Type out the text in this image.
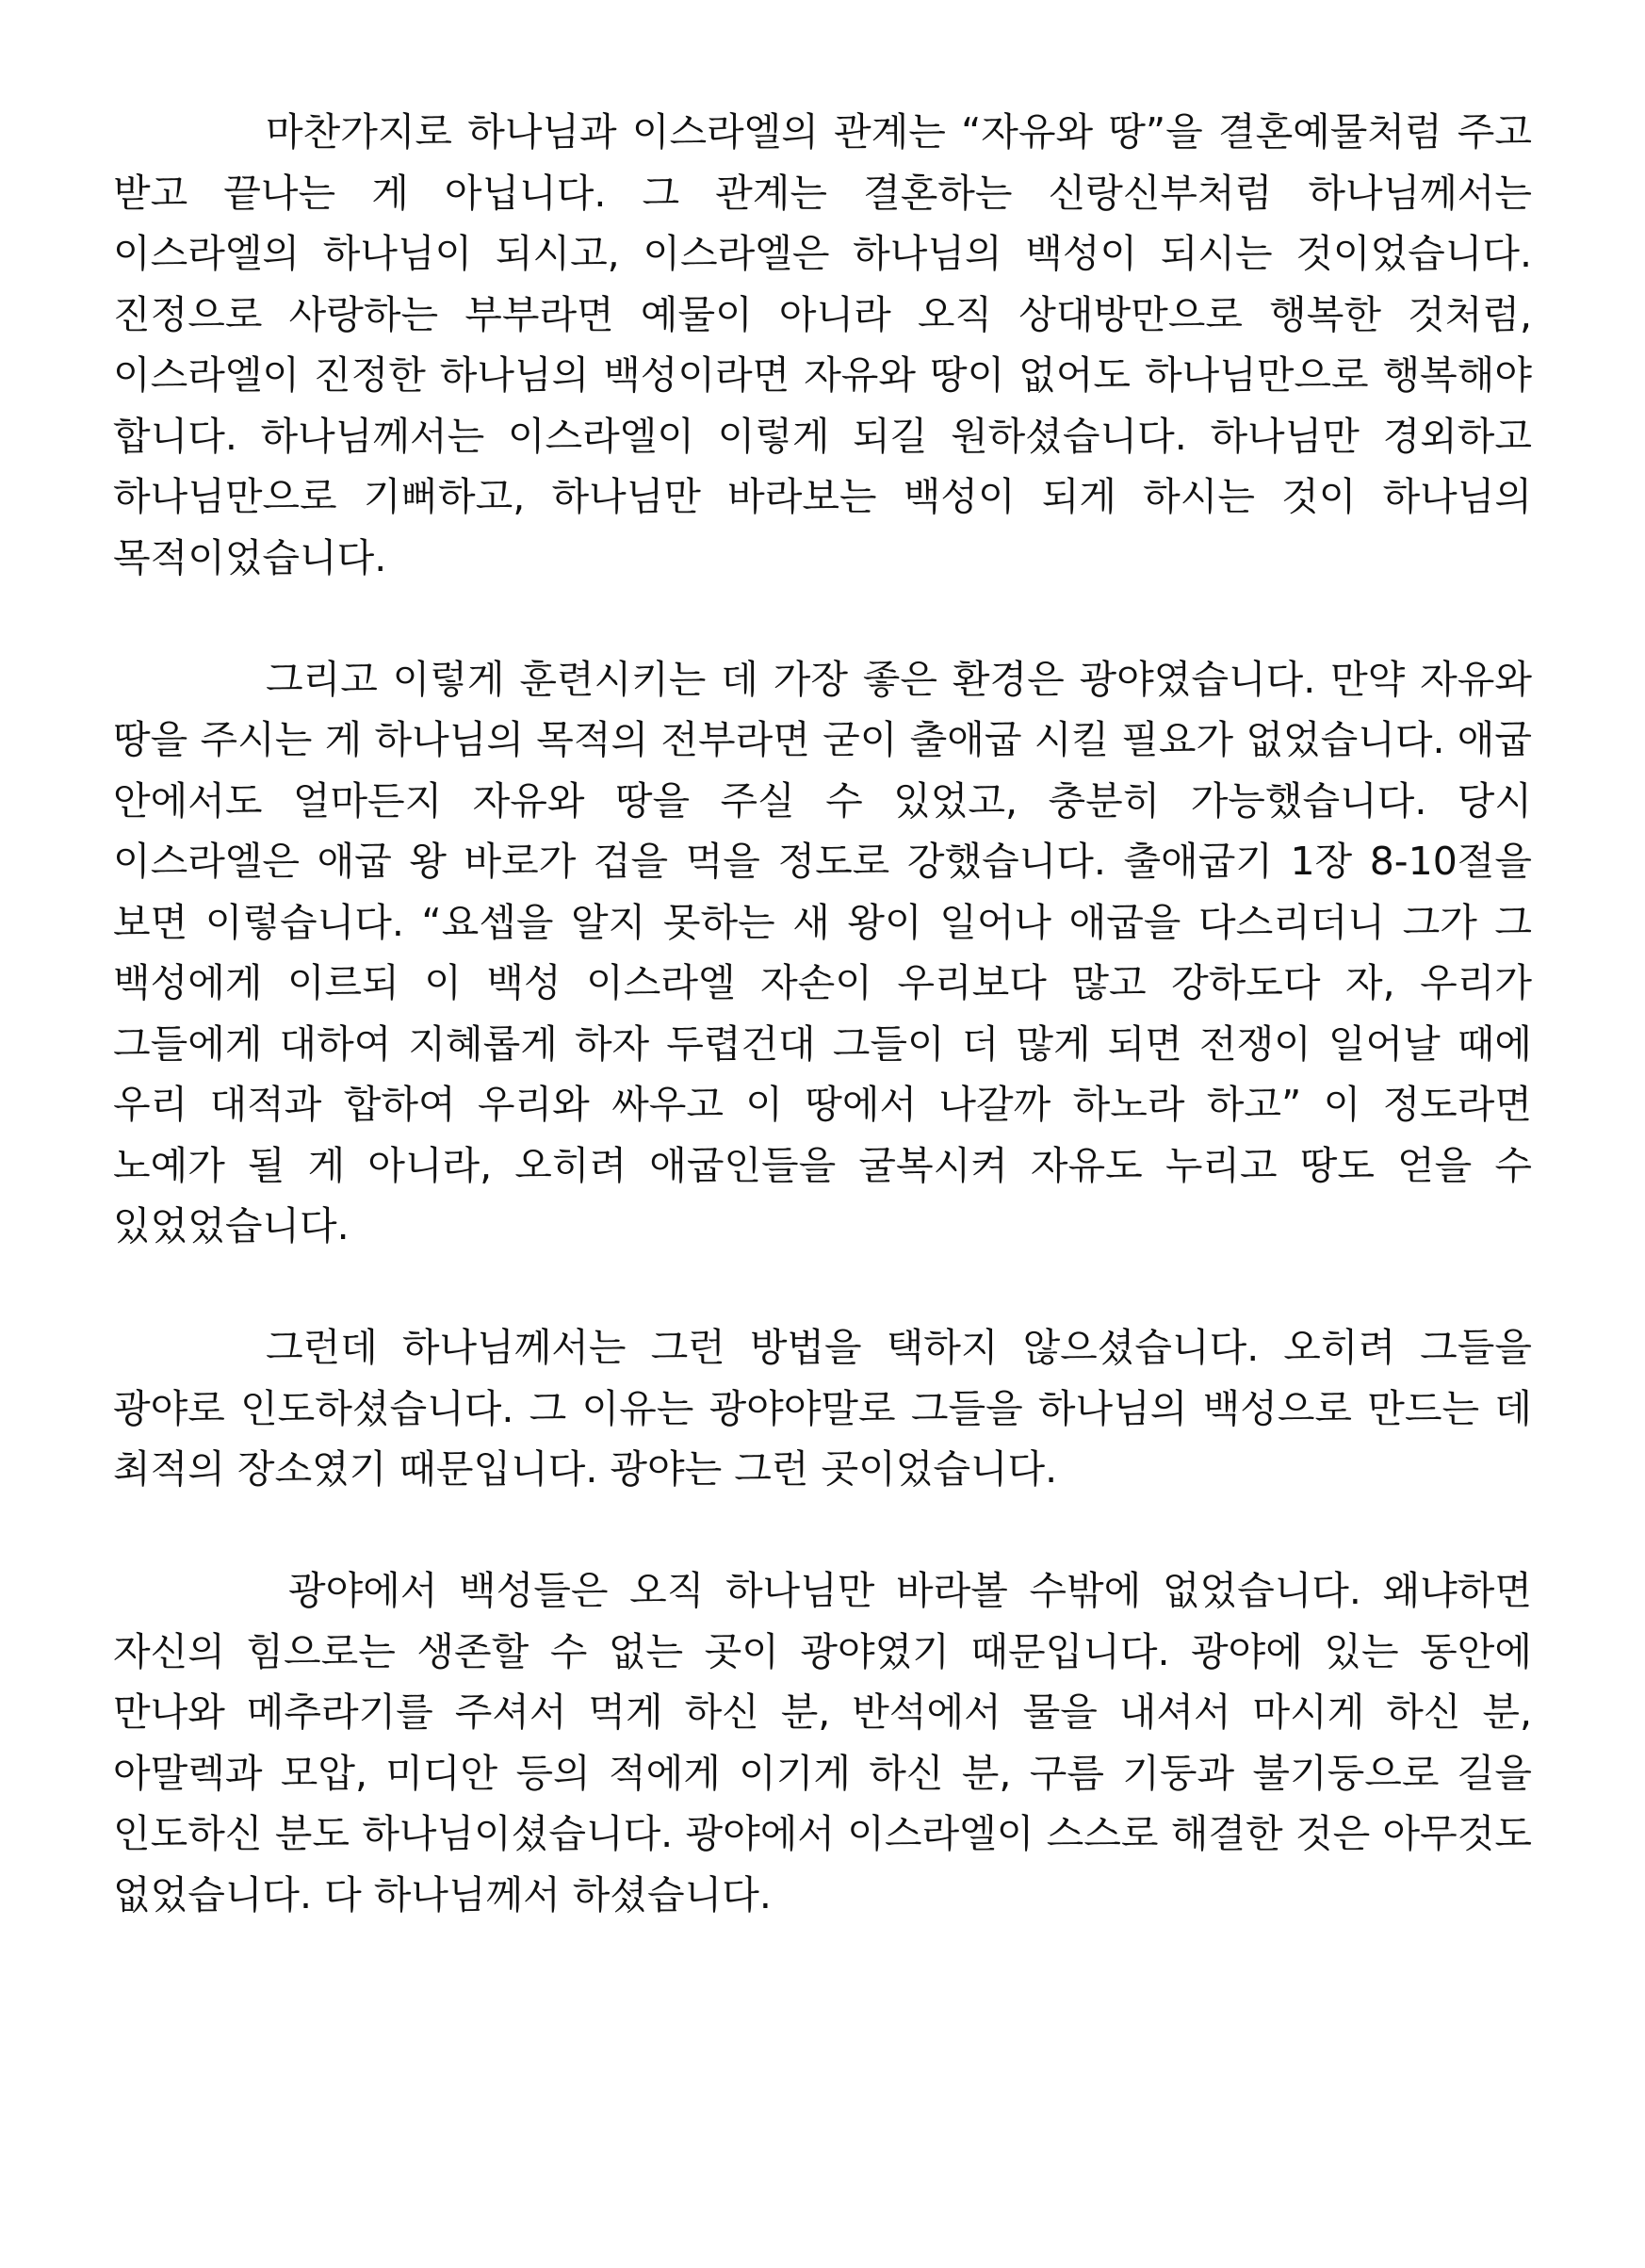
마찬가지로 하나님과 이스라엘의 관계는 “자유와 땅”을 결혼예물처럼 주고 받고 끝나는 게 아닙니다. 그 관계는 결혼하는 신랑신부처럼 하나님께서는 이스라엘의 하나님이 되시고, 이스라엘은 하나님의 백성이 되시는 것이었습니다. 진정으로 사랑하는 부부라면 예물이 아니라 오직 상대방만으로 행복한 것처럼, 이스라엘이 진정한 하나님의 백성이라면 자유와 땅이 없어도 하나님만으로 행복해야 합니다. 하나님께서는 이스라엘이 이렇게 되길 원하셨습니다. 하나님만 경외하고 하나님만으로 기뻐하고, 하나님만 바라보는 백성이 되게 하시는 것이 하나님의 목적이었습니다.

그리고 이렇게 훈련시키는 데 가장 좋은 환경은 광야였습니다. 만약 자유와 땅을 주시는 게 하나님의 목적의 전부라면 굳이 출애굽 시킬 필요가 없었습니다. 애굽 안에서도 얼마든지 자유와 땅을 주실 수 있었고, 충분히 가능했습니다. 당시 이스라엘은 애굽 왕 바로가 겁을 먹을 정도로 강했습니다. 출애굽기 1장 8-10절을 보면 이렇습니다. “요셉을 알지 못하는 새 왕이 일어나 애굽을 다스리더니 그가 그 백성에게 이르되 이 백성 이스라엘 자손이 우리보다 많고 강하도다 자, 우리가 그들에게 대하여 지혜롭게 하자 두렵건대 그들이 더 많게 되면 전쟁이 일어날 때에 우리 대적과 합하여 우리와 싸우고 이 땅에서 나갈까 하노라 하고” 이 정도라면 노예가 될 게 아니라, 오히려 애굽인들을 굴복시켜 자유도 누리고 땅도 얻을 수 있었었습니다.

그런데 하나님께서는 그런 방법을 택하지 않으셨습니다. 오히려 그들을 광야로 인도하셨습니다. 그 이유는 광야야말로 그들을 하나님의 백성으로 만드는 데 최적의 장소였기 때문입니다. 광야는 그런 곳이었습니다.

광야에서 백성들은 오직 하나님만 바라볼 수밖에 없었습니다. 왜냐하면 자신의 힘으로는 생존할 수 없는 곳이 광야였기 때문입니다. 광야에 있는 동안에 만나와 메추라기를 주셔서 먹게 하신 분, 반석에서 물을 내셔서 마시게 하신 분, 아말렉과 모압, 미디안 등의 적에게 이기게 하신 분, 구름 기둥과 불기둥으로 길을 인도하신 분도 하나님이셨습니다. 광야에서 이스라엘이 스스로 해결한 것은 아무것도 없었습니다. 다 하나님께서 하셨습니다.
